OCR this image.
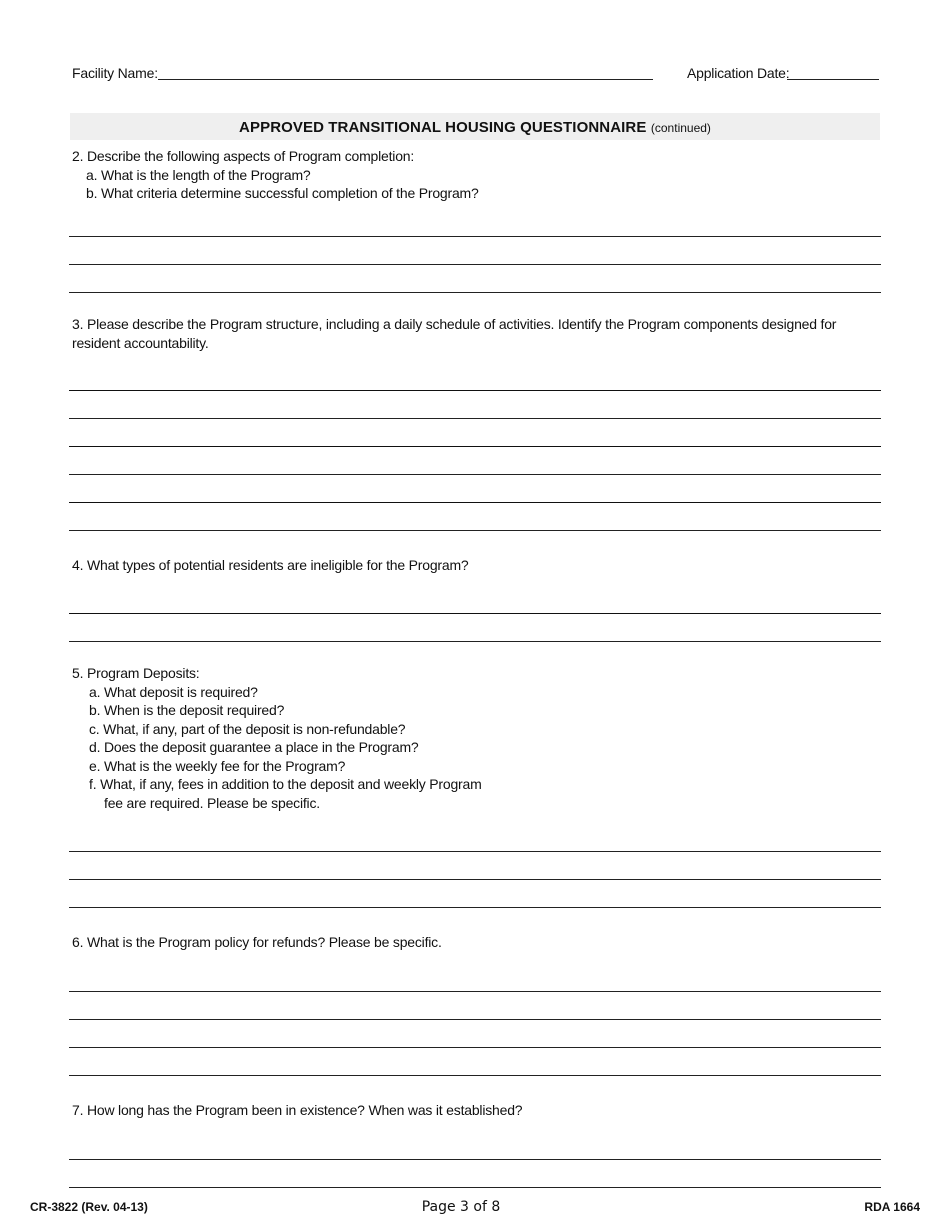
Facility Name:	Application Date:
APPROVED TRANSITIONAL HOUSING QUESTIONNAIRE (continued)
2. Describe the following aspects of Program completion:
a. What is the length of the Program?
b. What criteria determine successful completion of the Program?
3. Please describe the Program structure, including a daily schedule of activities. Identify the Program components designed for
resident accountability.
4. What types of potential residents are ineligible for the Program?
5. Program Deposits:
a. What deposit is required?
b. When is the deposit required?
c. What, if any, part of the deposit is non-refundable?
d. Does the deposit guarantee a place in the Program?
e. What is the weekly fee for the Program?
f. What, if any, fees in addition to the deposit and weekly Program
fee are required. Please be specific.
6. What is the Program policy for refunds? Please be specific.
7. How long has the Program been in existence? When was it established?
CR-3822 (Rev. 04-13)	Page 3 of 8	RDA 1664
